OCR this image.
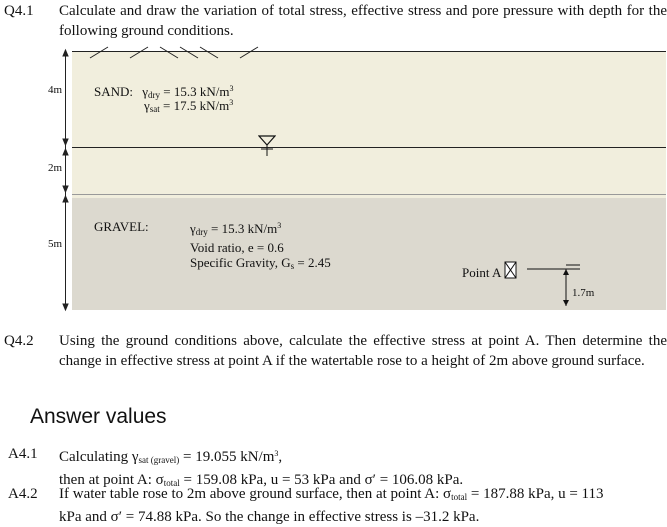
Q4.1 Calculate and draw the variation of total stress, effective stress and pore pressure with depth for the following ground conditions.
4m
2m
5m
SAND: $\gamma_{dry} = 15.3$ $kN/m^3$
$\gamma_{sat} = 17.5$ $kN/m^3$
GRAVEL:	$\gamma_{dry} = 15.3$ $kN/m^3$
Void ratio, e = 0.6
Specific Gravity, $G_s = 2.45$
Point A
1.7m
Q4.2 Using the ground conditions above, calculate the effective stress at point A. Then determine the change in effective stress at point A if the watertable rose to a height of 2m above ground surface.
Answer values
A4.1 Calculating $\gamma_{sat (gravel)} = 19.055$ $kN/m^3$,
then at point A: $\sigma_{total} = 159.08$ kPa, u = 53 kPa and σ′ = 106.08 kPa.
A4.2 If water table rose to 2m above ground surface, then at point A: $\sigma_{total} = 187.88$ kPa, u = 113
kPa and σ′ = 74.88 kPa. So the change in effective stress is –31.2 kPa.
